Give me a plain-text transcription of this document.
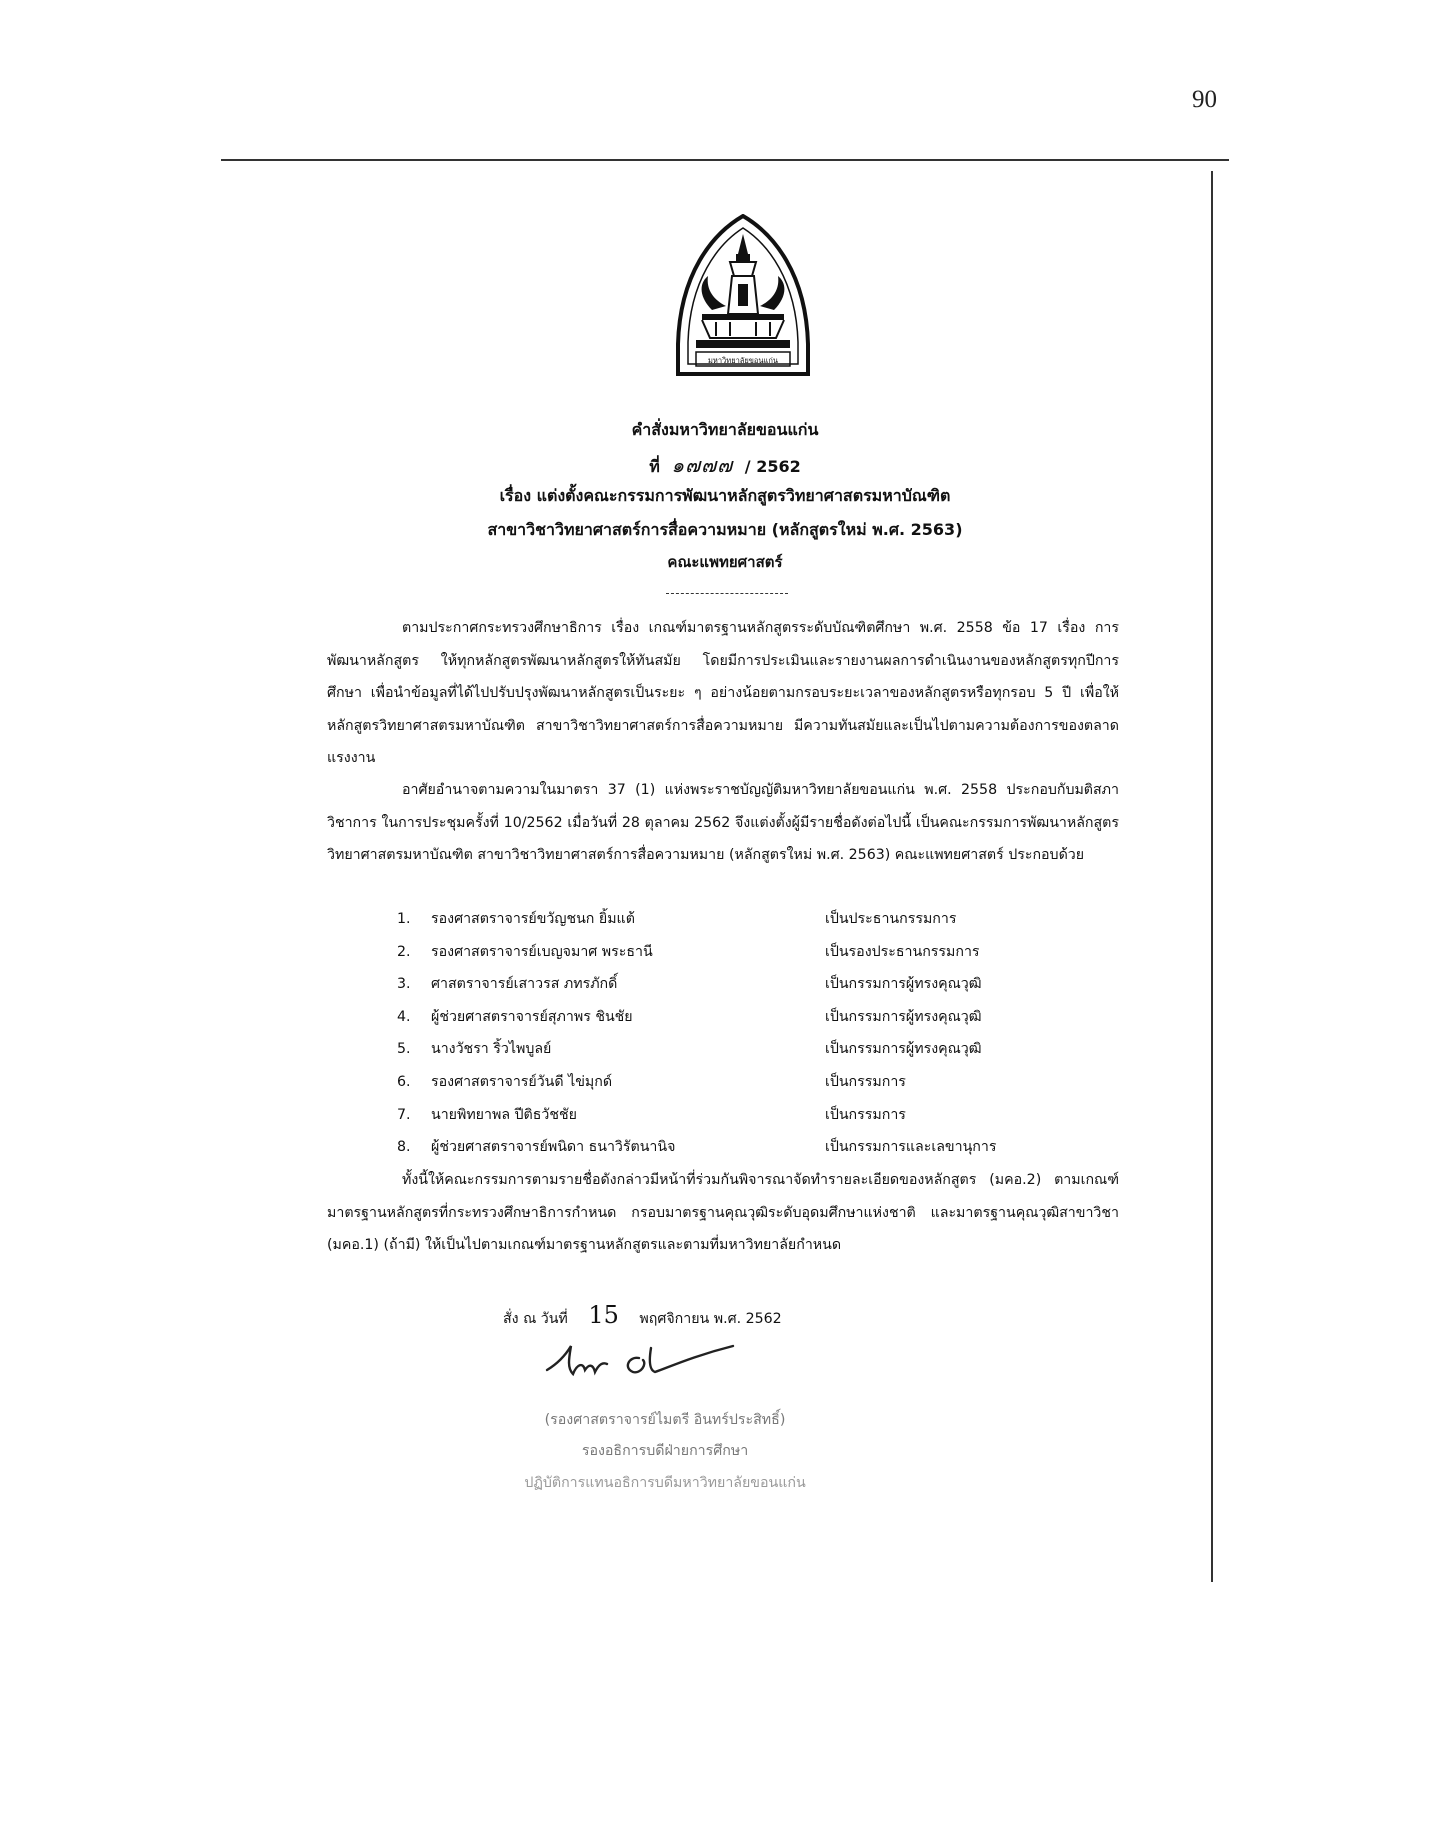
90
มหาวิทยาลัยขอนแก่น
คำสั่งมหาวิทยาลัยขอนแก่น
ที่ ๑๗๗๗ / 2562
เรื่อง แต่งตั้งคณะกรรมการพัฒนาหลักสูตรวิทยาศาสตรมหาบัณฑิต
สาขาวิชาวิทยาศาสตร์การสื่อความหมาย (หลักสูตรใหม่ พ.ศ. 2563)
คณะแพทยศาสตร์
ตามประกาศกระทรวงศึกษาธิการ เรื่อง เกณฑ์มาตรฐานหลักสูตรระดับบัณฑิตศึกษา พ.ศ. 2558 ข้อ 17 เรื่อง การพัฒนาหลักสูตร ให้ทุกหลักสูตรพัฒนาหลักสูตรให้ทันสมัย โดยมีการประเมินและรายงานผลการดำเนินงานของหลักสูตรทุกปีการศึกษา เพื่อนำข้อมูลที่ได้ไปปรับปรุงพัฒนาหลักสูตรเป็นระยะ ๆ อย่างน้อยตามกรอบระยะเวลาของหลักสูตรหรือทุกรอบ 5 ปี เพื่อให้หลักสูตรวิทยาศาสตรมหาบัณฑิต สาขาวิชาวิทยาศาสตร์การสื่อความหมาย มีความทันสมัยและเป็นไปตามความต้องการของตลาดแรงงาน
อาศัยอำนาจตามความในมาตรา 37 (1) แห่งพระราชบัญญัติมหาวิทยาลัยขอนแก่น พ.ศ. 2558 ประกอบกับมติสภาวิชาการ ในการประชุมครั้งที่ 10/2562 เมื่อวันที่ 28 ตุลาคม 2562 จึงแต่งตั้งผู้มีรายชื่อดังต่อไปนี้ เป็นคณะกรรมการพัฒนาหลักสูตรวิทยาศาสตรมหาบัณฑิต สาขาวิชาวิทยาศาสตร์การสื่อความหมาย (หลักสูตรใหม่ พ.ศ. 2563) คณะแพทยศาสตร์ ประกอบด้วย
1.	รองศาสตราจารย์ขวัญชนก ยิ้มแต้	เป็นประธานกรรมการ
2.	รองศาสตราจารย์เบญจมาศ พระธานี	เป็นรองประธานกรรมการ
3.	ศาสตราจารย์เสาวรส ภทรภักดิ์	เป็นกรรมการผู้ทรงคุณวุฒิ
4.	ผู้ช่วยศาสตราจารย์สุภาพร ชินชัย	เป็นกรรมการผู้ทรงคุณวุฒิ
5.	นางวัชรา ริ้วไพบูลย์	เป็นกรรมการผู้ทรงคุณวุฒิ
6.	รองศาสตราจารย์วันดี ไข่มุกด์	เป็นกรรมการ
7.	นายพิทยาพล ปีติธวัชชัย	เป็นกรรมการ
8.	ผู้ช่วยศาสตราจารย์พนิดา ธนาวิรัตนานิจ	เป็นกรรมการและเลขานุการ
ทั้งนี้ให้คณะกรรมการตามรายชื่อดังกล่าวมีหน้าที่ร่วมกันพิจารณาจัดทำรายละเอียดของหลักสูตร (มคอ.2) ตามเกณฑ์มาตรฐานหลักสูตรที่กระทรวงศึกษาธิการกำหนด กรอบมาตรฐานคุณวุฒิระดับอุดมศึกษาแห่งชาติ และมาตรฐานคุณวุฒิสาขาวิชา (มคอ.1) (ถ้ามี) ให้เป็นไปตามเกณฑ์มาตรฐานหลักสูตรและตามที่มหาวิทยาลัยกำหนด
สั่ง ณ วันที่ 15 พฤศจิกายน พ.ศ. 2562
(รองศาสตราจารย์ไมตรี อินทร์ประสิทธิ์)
รองอธิการบดีฝ่ายการศึกษา
ปฏิบัติการแทนอธิการบดีมหาวิทยาลัยขอนแก่น
